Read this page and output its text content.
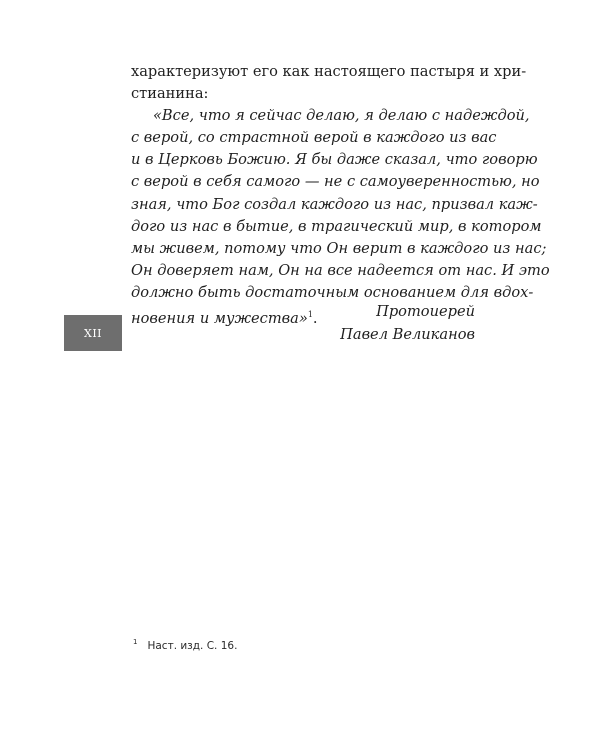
характеризуют его как настоящего пастыря и хри-
стианина:
«Все, что я сейчас делаю, я делаю с надеждой,
с верой, со страстной верой в каждого из вас
и в Церковь Божию. Я бы даже сказал, что говорю
с верой в себя самого — не с самоуверенностью, но
зная, что Бог создал каждого из нас, призвал каж-
дого из нас в бытие, в трагический мир, в котором
мы живем, потому что Он верит в каждого из нас;
Он доверяет нам, Он на все надеется от нас. И это
должно быть достаточным основанием для вдох-
новения и мужества»$^1$.	Протоиерей
Павел Великанов
XII
$^1$ Наст. изд. С. 16.
